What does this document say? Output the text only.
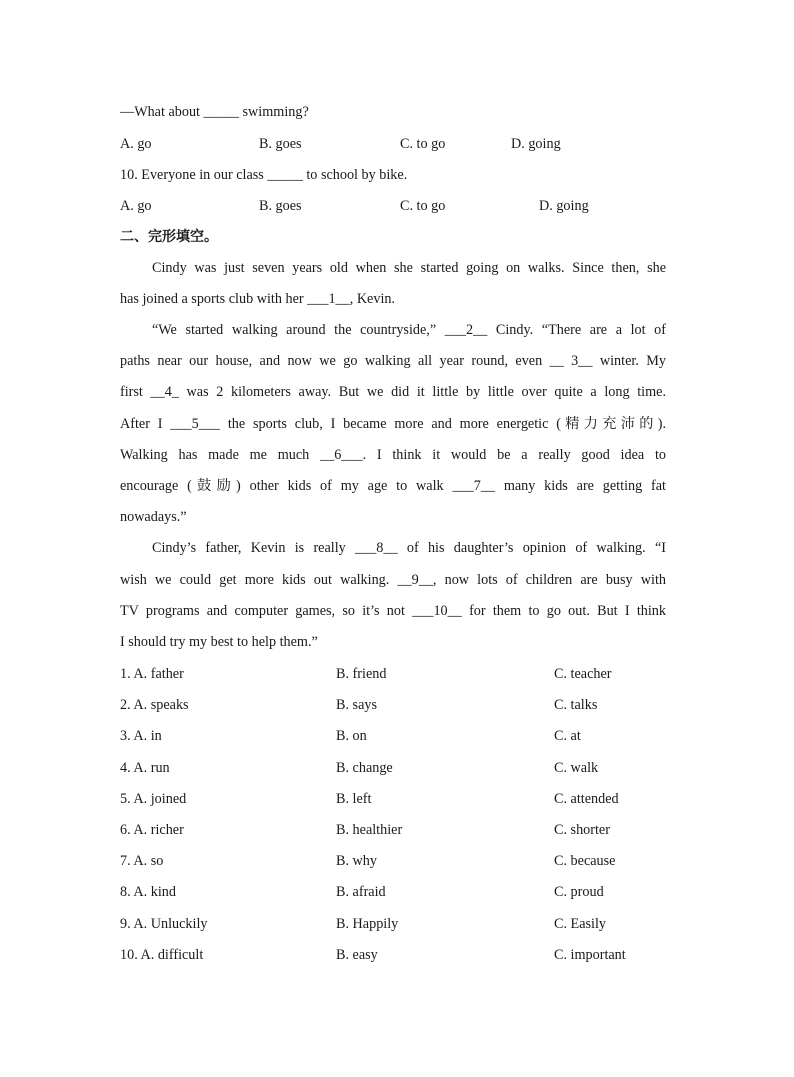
—What about _____ swimming?
A. go	B. goes	C. to go	D. going
10. Everyone in our class _____ to school by bike.
A. go	B. goes	C. to go	D. going
二、完形填空。
Cindy was just seven years old when she started going on walks. Since then, she
has joined a sports club with her ___1__, Kevin.
“We started walking around the countryside,” ___2__ Cindy. “There are a lot of
paths near our house, and now we go walking all year round, even __ 3__ winter. My
first __4_ was 2 kilometers away. But we did it little by little over quite a long time.
After I ___5___ the sports club, I became more and more energetic (精力充沛的).
Walking has made me much __6___. I think it would be a really good idea to
encourage (鼓励) other kids of my age to walk ___7__ many kids are getting fat
nowadays.”
Cindy’s father, Kevin is really ___8__ of his daughter’s opinion of walking. “I
wish we could get more kids out walking. __9__, now lots of children are busy with
TV programs and computer games, so it’s not ___10__ for them to go out. But I think
I should try my best to help them.”
1. A. father	B. friend	C. teacher
2. A. speaks	B. says	C. talks
3. A. in	B. on	C. at
4. A. run	B. change	C. walk
5. A. joined	B. left	C. attended
6. A. richer	B. healthier	C. shorter
7. A. so	B. why	C. because
8. A. kind	B. afraid	C. proud
9. A. Unluckily	B. Happily	C. Easily
10. A. difficult	B. easy	C. important
